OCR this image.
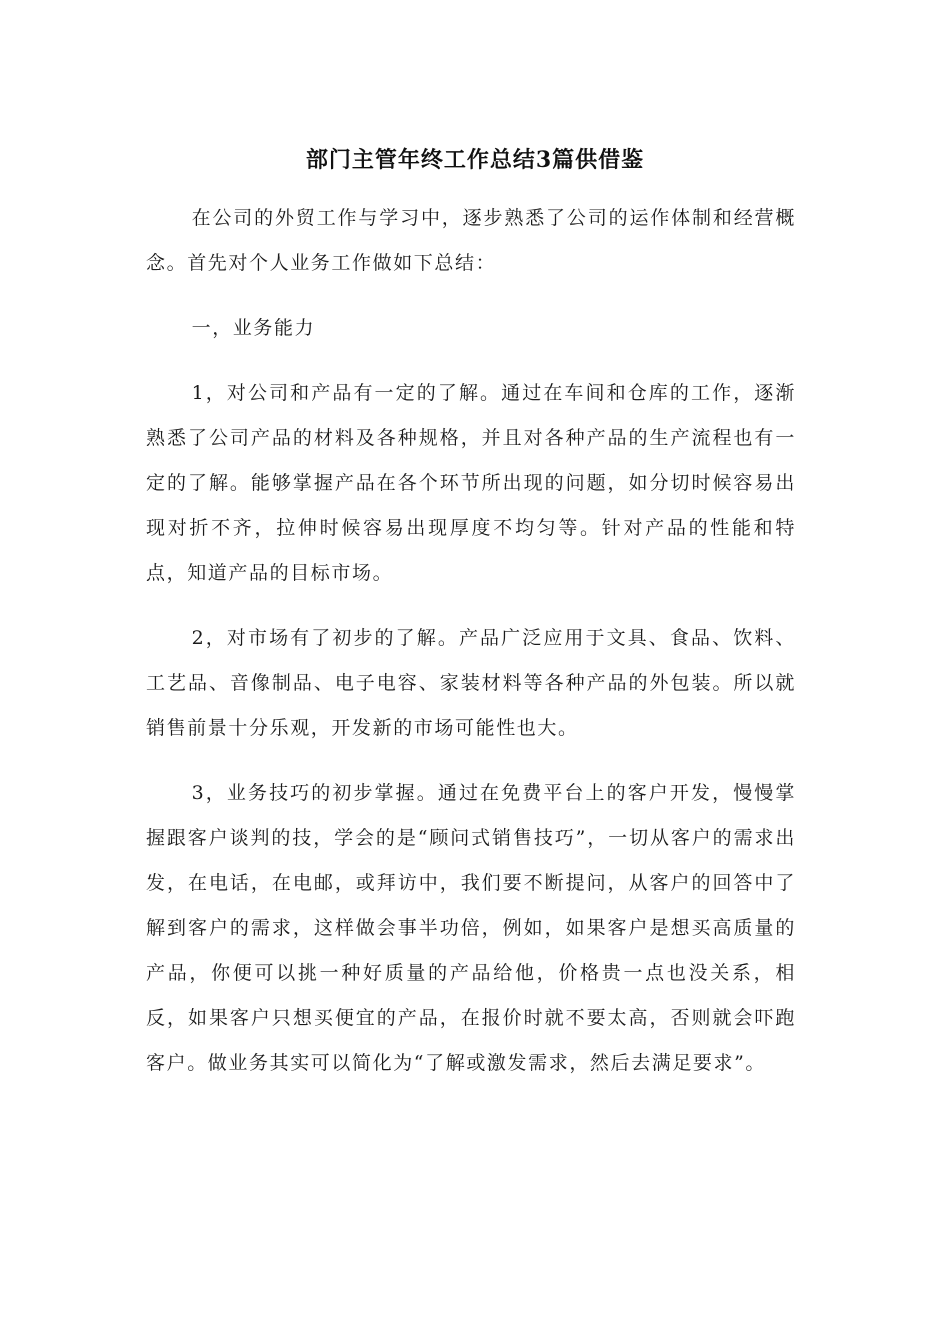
部门主管年终工作总结3篇供借鉴

在公司的外贸工作与学习中，逐步熟悉了公司的运作体制和经营概念。首先对个人业务工作做如下总结：

一，业务能力

1，对公司和产品有一定的了解。通过在车间和仓库的工作，逐渐熟悉了公司产品的材料及各种规格，并且对各种产品的生产流程也有一定的了解。能够掌握产品在各个环节所出现的问题，如分切时候容易出现对折不齐，拉伸时候容易出现厚度不均匀等。针对产品的性能和特点，知道产品的目标市场。

2，对市场有了初步的了解。产品广泛应用于文具、食品、饮料、工艺品、音像制品、电子电容、家装材料等各种产品的外包装。所以就销售前景十分乐观，开发新的市场可能性也大。

3，业务技巧的初步掌握。通过在免费平台上的客户开发，慢慢掌握跟客户谈判的技，学会的是“顾问式销售技巧”，一切从客户的需求出发，在电话，在电邮，或拜访中，我们要不断提问，从客户的回答中了解到客户的需求，这样做会事半功倍，例如，如果客户是想买高质量的产品，你便可以挑一种好质量的产品给他，价格贵一点也没关系，相反，如果客户只想买便宜的产品，在报价时就不要太高，否则就会吓跑客户。做业务其实可以简化为“了解或激发需求，然后去满足要求”。
